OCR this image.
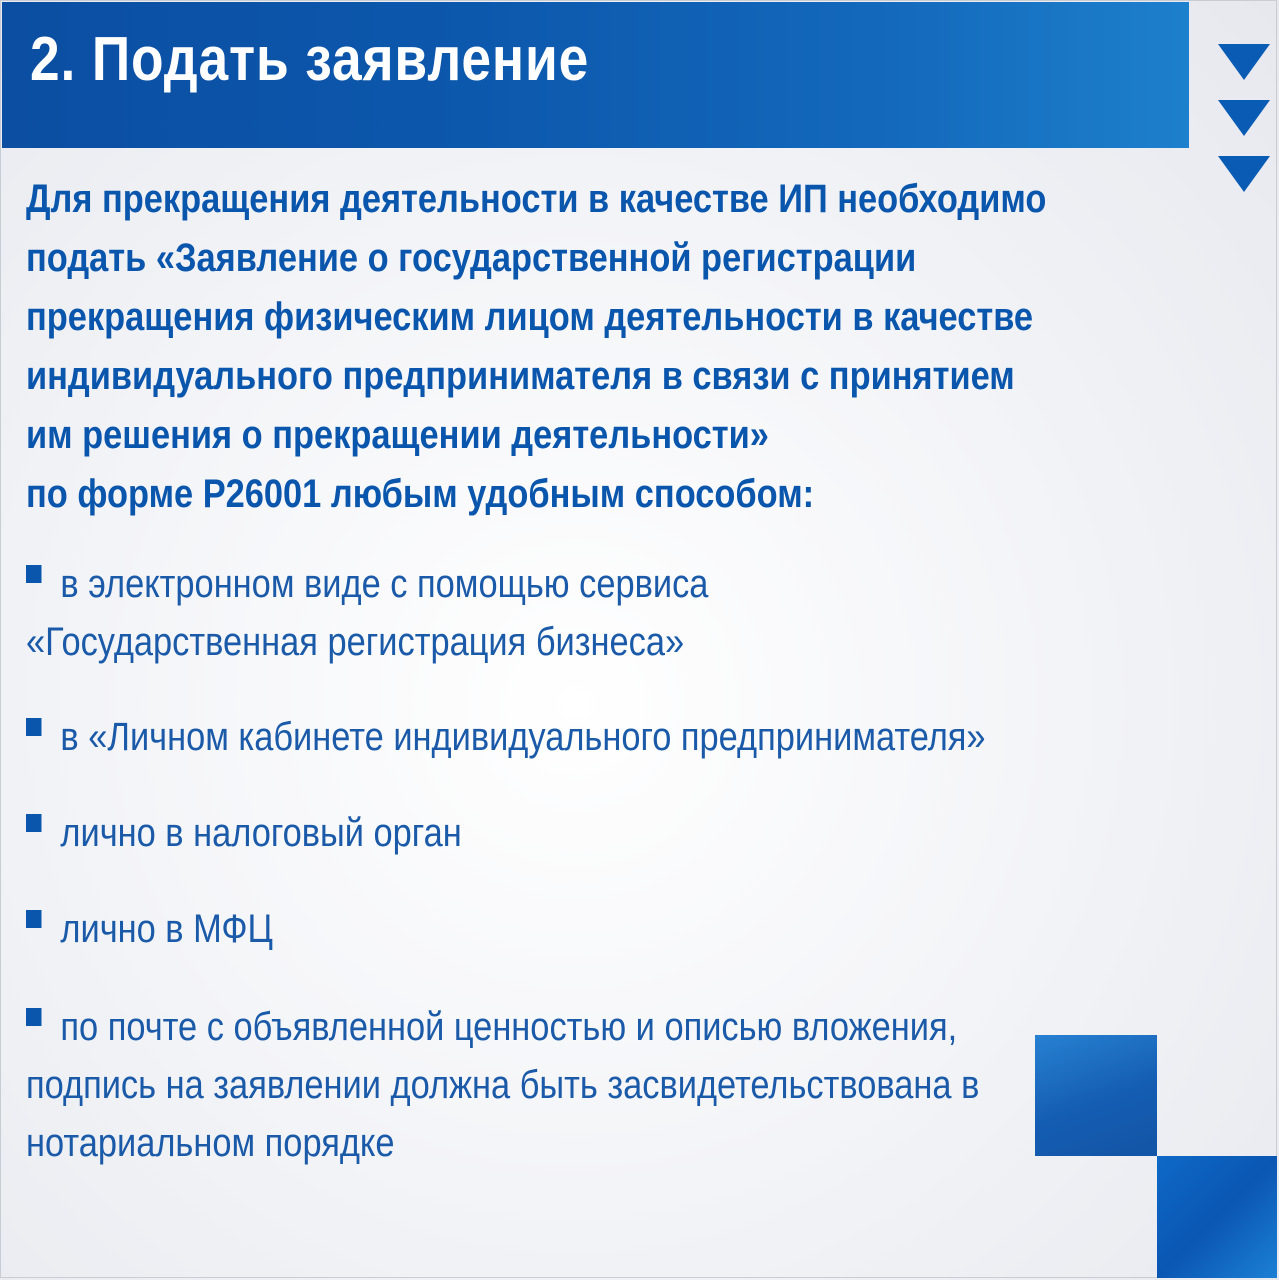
2. Подать заявление
Для прекращения деятельности в качестве ИП необходимо
подать «Заявление о государственной регистрации
прекращения физическим лицом деятельности в качестве
индивидуального предпринимателя в связи с принятием
им решения о прекращении деятельности»
по форме Р26001 любым удобным способом:
в электронном виде с помощью сервиса
«Государственная регистрация бизнеса»
в «Личном кабинете индивидуального предпринимателя»
лично в налоговый орган
лично в МФЦ
по почте с объявленной ценностью и описью вложения,
подпись на заявлении должна быть засвидетельствована в
нотариальном порядке
